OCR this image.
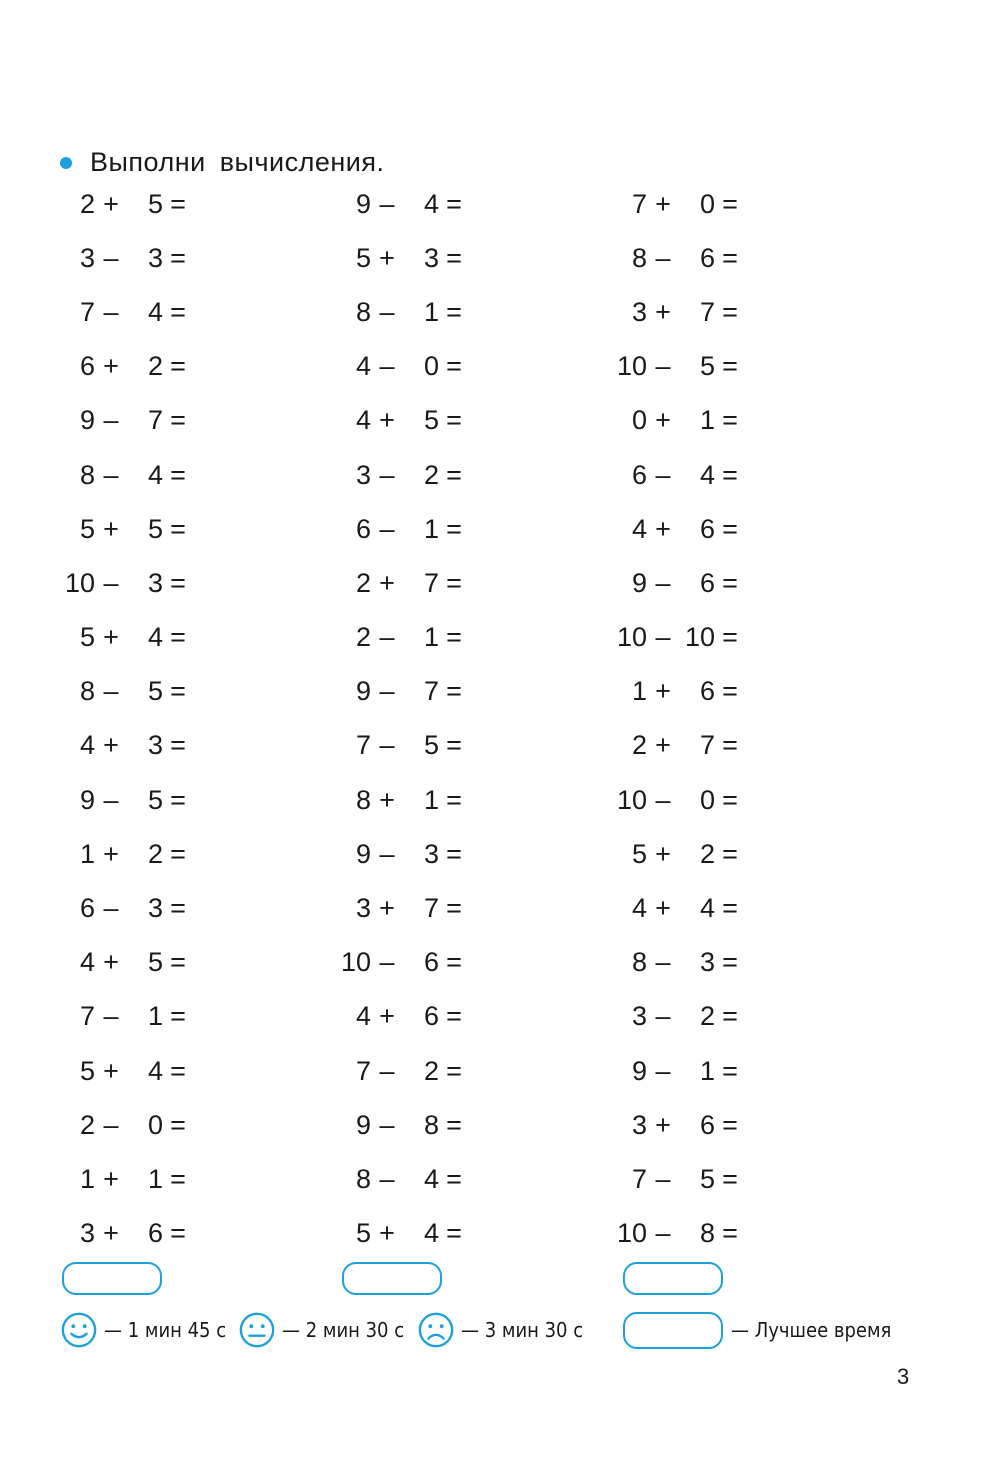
Выполни вычисления.
2 +	5 =
3 –	3 =
7 –	4 =
6 +	2 =
9 –	7 =
8 –	4 =
5 +	5 =
10 –	3 =
5 +	4 =
8 –	5 =
4 +	3 =
9 –	5 =
1 +	2 =
6 –	3 =
4 +	5 =
7 –	1 =
5 +	4 =
2 –	0 =
1 +	1 =
3 +	6 =
9 –	4 =
5 +	3 =
8 –	1 =
4 –	0 =
4 +	5 =
3 –	2 =
6 –	1 =
2 +	7 =
2 –	1 =
9 –	7 =
7 –	5 =
8 +	1 =
9 –	3 =
3 +	7 =
10 –	6 =
4 +	6 =
7 –	2 =
9 –	8 =
8 –	4 =
5 +	4 =
7 +	0 =
8 –	6 =
3 +	7 =
10 –	5 =
0 +	1 =
6 –	4 =
4 +	6 =
9 –	6 =
10 – 10 =
1 +	6 =
2 +	7 =
10 –	0 =
5 +	2 =
4 +	4 =
8 –	3 =
3 –	2 =
9 –	1 =
3 +	6 =
7 –	5 =
10 –	8 =
— 1 мин 45 с	— 2 мин 30 с	— 3 мин 30 с	— Лучшее время
3
